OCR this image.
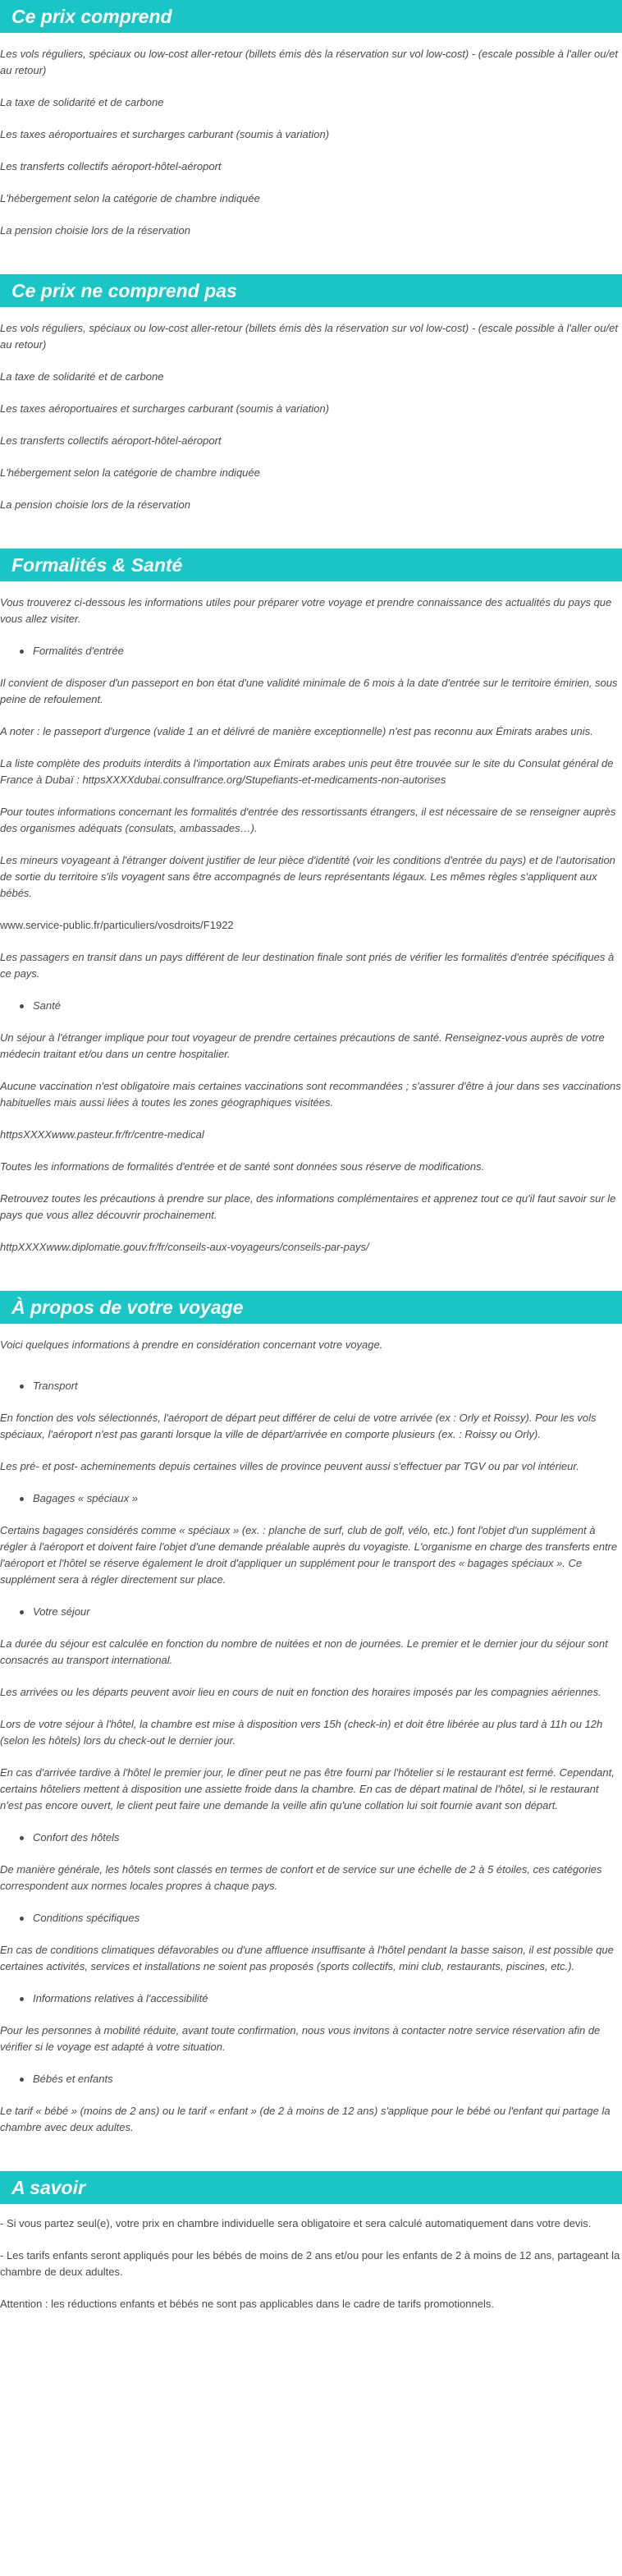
Ce prix comprend

Les vols réguliers, spéciaux ou low-cost aller-retour (billets émis dès la réservation sur vol low-cost) - (escale possible à l'aller ou/et au retour)

La taxe de solidarité et de carbone

Les taxes aéroportuaires et surcharges carburant (soumis à variation)

Les transferts collectifs aéroport-hôtel-aéroport

L'hébergement selon la catégorie de chambre indiquée

La pension choisie lors de la réservation

Ce prix ne comprend pas

Les vols réguliers, spéciaux ou low-cost aller-retour (billets émis dès la réservation sur vol low-cost) - (escale possible à l'aller ou/et au retour)

La taxe de solidarité et de carbone

Les taxes aéroportuaires et surcharges carburant (soumis à variation)

Les transferts collectifs aéroport-hôtel-aéroport

L'hébergement selon la catégorie de chambre indiquée

La pension choisie lors de la réservation

Formalités & Santé

Vous trouverez ci-dessous les informations utiles pour préparer votre voyage et prendre connaissance des actualités du pays que vous allez visiter.

Formalités d'entrée

Il convient de disposer d'un passeport en bon état d'une validité minimale de 6 mois à la date d'entrée sur le territoire émirien, sous peine de refoulement.

A noter : le passeport d'urgence (valide 1 an et délivré de manière exceptionnelle) n'est pas reconnu aux Émirats arabes unis.

La liste complète des produits interdits à l'importation aux Émirats arabes unis peut être trouvée sur le site du Consulat général de France à Dubaï : httpsXXXXdubai.consulfrance.org/Stupefiants-et-medicaments-non-autorises

Pour toutes informations concernant les formalités d'entrée des ressortissants étrangers, il est nécessaire de se renseigner auprès des organismes adéquats (consulats, ambassades…).

Les mineurs voyageant à l'étranger doivent justifier de leur pièce d'identité (voir les conditions d'entrée du pays) et de l'autorisation de sortie du territoire s'ils voyagent sans être accompagnés de leurs représentants légaux. Les mêmes règles s'appliquent aux bébés.

www.service-public.fr/particuliers/vosdroits/F1922

Les passagers en transit dans un pays différent de leur destination finale sont priés de vérifier les formalités d'entrée spécifiques à ce pays.

Santé

Un séjour à l'étranger implique pour tout voyageur de prendre certaines précautions de santé. Renseignez-vous auprès de votre médecin traitant et/ou dans un centre hospitalier.

Aucune vaccination n'est obligatoire mais certaines vaccinations sont recommandées ; s'assurer d'être à jour dans ses vaccinations habituelles mais aussi liées à toutes les zones géographiques visitées.

httpsXXXXwww.pasteur.fr/fr/centre-medical

Toutes les informations de formalités d'entrée et de santé sont données sous réserve de modifications.

Retrouvez toutes les précautions à prendre sur place, des informations complémentaires et apprenez tout ce qu'il faut savoir sur le pays que vous allez découvrir prochainement.

httpXXXXwww.diplomatie.gouv.fr/fr/conseils-aux-voyageurs/conseils-par-pays/

À propos de votre voyage

Voici quelques informations à prendre en considération concernant votre voyage.

Transport

En fonction des vols sélectionnés, l'aéroport de départ peut différer de celui de votre arrivée (ex : Orly et Roissy). Pour les vols spéciaux, l'aéroport n'est pas garanti lorsque la ville de départ/arrivée en comporte plusieurs (ex. : Roissy ou Orly).

Les pré- et post- acheminements depuis certaines villes de province peuvent aussi s'effectuer par TGV ou par vol intérieur.

Bagages « spéciaux »

Certains bagages considérés comme « spéciaux » (ex. : planche de surf, club de golf, vélo, etc.) font l'objet d'un supplément à régler à l'aéroport et doivent faire l'objet d'une demande préalable auprès du voyagiste. L'organisme en charge des transferts entre l'aéroport et l'hôtel se réserve également le droit d'appliquer un supplément pour le transport des « bagages spéciaux ». Ce supplément sera à régler directement sur place.

Votre séjour

La durée du séjour est calculée en fonction du nombre de nuitées et non de journées. Le premier et le dernier jour du séjour sont consacrés au transport international.

Les arrivées ou les départs peuvent avoir lieu en cours de nuit en fonction des horaires imposés par les compagnies aériennes.

Lors de votre séjour à l'hôtel, la chambre est mise à disposition vers 15h (check-in) et doit être libérée au plus tard à 11h ou 12h (selon les hôtels) lors du check-out le dernier jour.

En cas d'arrivée tardive à l'hôtel le premier jour, le dîner peut ne pas être fourni par l'hôtelier si le restaurant est fermé. Cependant, certains hôteliers mettent à disposition une assiette froide dans la chambre. En cas de départ matinal de l'hôtel, si le restaurant n'est pas encore ouvert, le client peut faire une demande la veille afin qu'une collation lui soit fournie avant son départ.

Confort des hôtels

De manière générale, les hôtels sont classés en termes de confort et de service sur une échelle de 2 à 5 étoiles, ces catégories correspondent aux normes locales propres à chaque pays.

Conditions spécifiques

En cas de conditions climatiques défavorables ou d'une affluence insuffisante à l'hôtel pendant la basse saison, il est possible que certaines activités, services et installations ne soient pas proposés (sports collectifs, mini club, restaurants, piscines, etc.).

Informations relatives à l'accessibilité

Pour les personnes à mobilité réduite, avant toute confirmation, nous vous invitons à contacter notre service réservation afin de vérifier si le voyage est adapté à votre situation.

Bébés et enfants

Le tarif « bébé » (moins de 2 ans) ou le tarif « enfant » (de 2 à moins de 12 ans) s'applique pour le bébé ou l'enfant qui partage la chambre avec deux adultes.

A savoir

- Si vous partez seul(e), votre prix en chambre individuelle sera obligatoire et sera calculé automatiquement dans votre devis.

- Les tarifs enfants seront appliqués pour les bébés de moins de 2 ans et/ou pour les enfants de 2 à moins de 12 ans, partageant la chambre de deux adultes.

Attention : les réductions enfants et bébés ne sont pas applicables dans le cadre de tarifs promotionnels.
